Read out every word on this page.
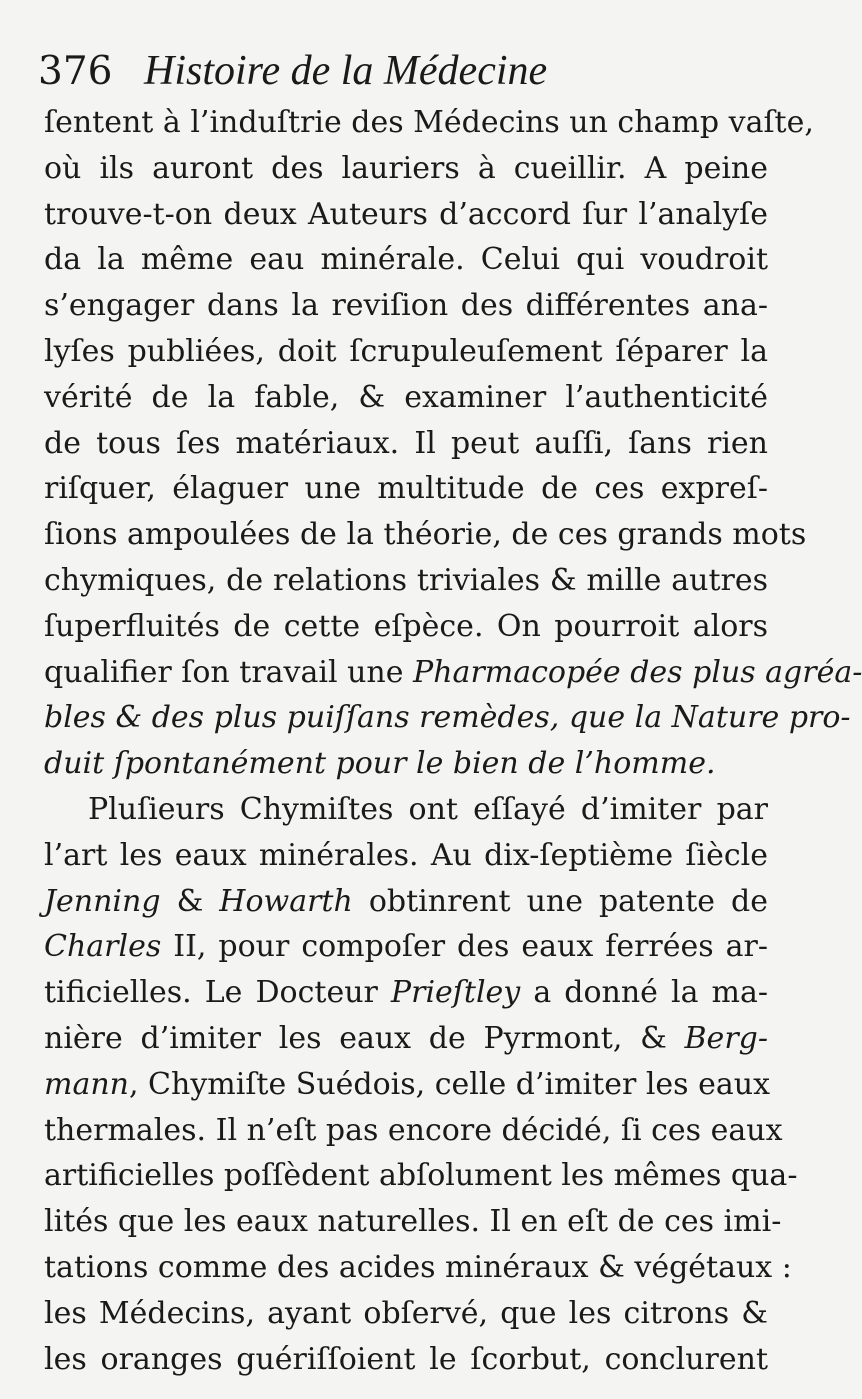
376 Histoire de la Médecine
ſentent à l’induſtrie des Médecins un champ vaſte,
où ils auront des lauriers à cueillir. A peine
trouve-t-on deux Auteurs d’accord ſur l’analyſe
da la même eau minérale. Celui qui voudroit
s’engager dans la reviſion des différentes ana-
lyſes publiées, doit ſcrupuleuſement ſéparer la
vérité de la fable, & examiner l’authenticité
de tous ſes matériaux. Il peut auſſi, ſans rien
riſquer, élaguer une multitude de ces expreſ-
ſions ampoulées de la théorie, de ces grands mots
chymiques, de relations triviales & mille autres
ſuperfluités de cette eſpèce. On pourroit alors
qualifier ſon travail une Pharmacopée des plus agréa-
bles & des plus puiſſans remèdes, que la Nature pro-
duit ſpontanément pour le bien de l’homme.
Pluſieurs Chymiſtes ont eſſayé d’imiter par
l’art les eaux minérales. Au dix-ſeptième ſiècle
Jenning & Howarth obtinrent une patente de
Charles II, pour compoſer des eaux ferrées ar-
tificielles. Le Docteur Prieſtley a donné la ma-
nière d’imiter les eaux de Pyrmont, & Berg-
mann, Chymiſte Suédois, celle d’imiter les eaux
thermales. Il n’eſt pas encore décidé, ſi ces eaux
artificielles poſſèdent abſolument les mêmes qua-
lités que les eaux naturelles. Il en eſt de ces imi-
tations comme des acides minéraux & végétaux :
les Médecins, ayant obſervé, que les citrons &
les oranges guériſſoient le ſcorbut, conclurent
